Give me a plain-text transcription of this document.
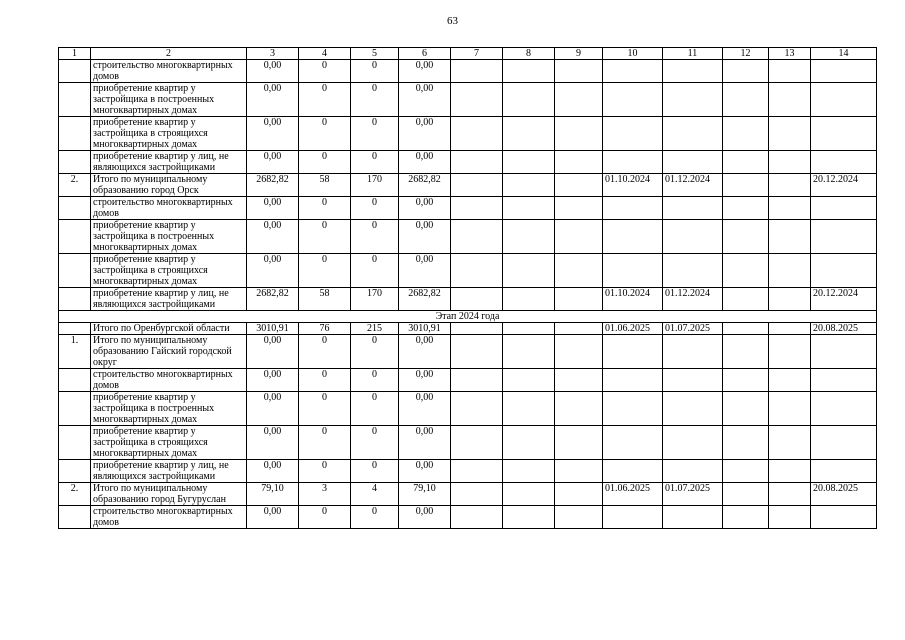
63
1	2	3	4	5	6	7	8	9	10	11	12	13	14
	строительство многоквартирных домов	0,00	0	0	0,00								
	приобретение квартир у застройщика в построенных многоквартирных домах	0,00	0	0	0,00								
	приобретение квартир у застройщика в строящихся многоквартирных домах	0,00	0	0	0,00								
	приобретение квартир у лиц, не являющихся застройщиками	0,00	0	0	0,00								
2.	Итого по муниципальному образованию город Орск	2682,82	58	170	2682,82				01.10.2024	01.12.2024			20.12.2024
	строительство многоквартирных домов	0,00	0	0	0,00								
	приобретение квартир у застройщика в построенных многоквартирных домах	0,00	0	0	0,00								
	приобретение квартир у застройщика в строящихся многоквартирных домах	0,00	0	0	0,00								
	приобретение квартир у лиц, не являющихся застройщиками	2682,82	58	170	2682,82				01.10.2024	01.12.2024			20.12.2024
Этап 2024 года													
	Итого по Оренбургской области	3010,91	76	215	3010,91				01.06.2025	01.07.2025			20.08.2025
1.	Итого по муниципальному образованию Гайский городской округ	0,00	0	0	0,00								
	строительство многоквартирных домов	0,00	0	0	0,00								
	приобретение квартир у застройщика в построенных многоквартирных домах	0,00	0	0	0,00								
	приобретение квартир у застройщика в строящихся многоквартирных домах	0,00	0	0	0,00								
	приобретение квартир у лиц, не являющихся застройщиками	0,00	0	0	0,00								
2.	Итого по муниципальному образованию город Бугуруслан	79,10	3	4	79,10				01.06.2025	01.07.2025			20.08.2025
	строительство многоквартирных домов	0,00	0	0	0,00								
